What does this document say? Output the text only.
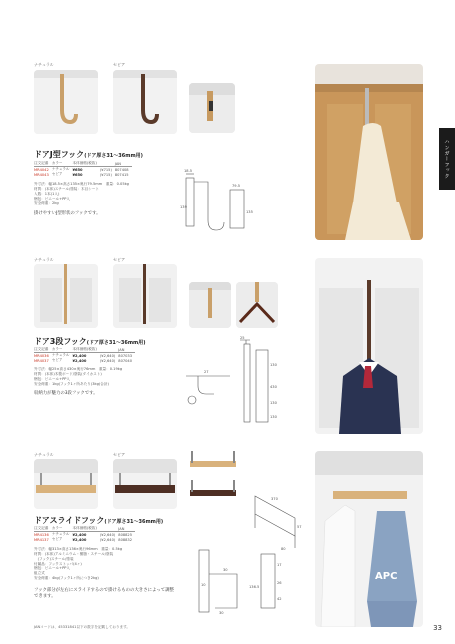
ハンガーフック
ナチュラル	セピア
ドアJ型フック(ドア厚さ31〜36mm用)
注文記番	カラー	本体価格(税抜)		JAN
MR4042	ナチュラル	¥650	(¥715)	807408
MR4043	セピア	¥650	(¥715)	807415
外寸法：幅18.5×高さ135×奥行79.5mm　重量：0.05kg
材質：(本体)スチール/塗装：木目シート
入数：1本(1入)
梱包：ビニール+PP入
安全荷重：2kg
掛けやすいJ型形状のフックです。
18.5
139
79.5
135
ナチュラル	セピア
ドア3段フック(ドア厚さ31〜36mm用)
注文記番	カラー	本体価格(税抜)		JAN
MR4036	ナチュラル	¥2,400	(¥2,640)	807033
MR4037	セピア	¥2,400	(¥2,640)	807040
外寸法：幅25×高さ430×奥行76mm　重量：0.19kg
材質：(本体)木製ボード/塗装(ダイカスト)
梱包：ビニール+PP入
安全荷重：1kg(フック1ヶ所あたり)3kg(合計)
収納力が魅力の3段フックです。
25
27
430
130
130
130
ナチュラル	セピア
APC
ドアスライドフック(ドア厚さ31〜36mm用)
注文記番	カラー	本体価格(税抜)		JAN
MR4136	ナチュラル	¥2,400	(¥2,640)	808825
MR4137	セピア	¥2,400	(¥2,640)	808832
外寸法：幅313×高さ136×奥行96mm　重量：0.5kg
材質：(本体)アルミニウム・樹脂・スチール/塗装
　(フック)スチール/塗装
付属品：フックストッパ(4ヶ)
梱包：ビニール+PP入
組立式
安全荷重：4kg(フック1ヶ所につき2kg)
フック部分が左右にスライドするので掛けるものの大きさによって調整できます。
370
57
80
30
10
30
136.5
17
26
42
JANコードは、45331841以下の数字を記載しております。	33
